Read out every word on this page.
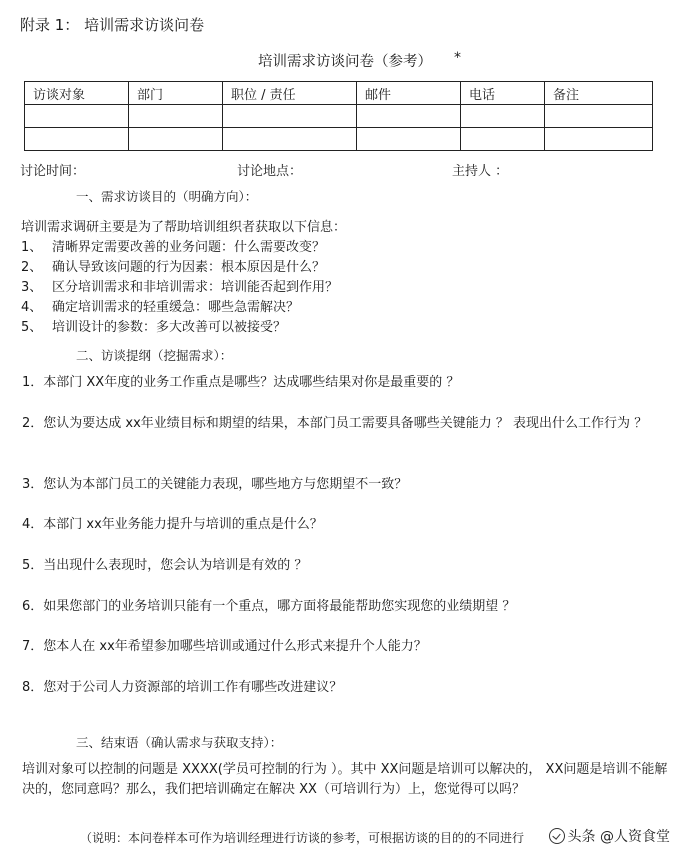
附录 1： 培训需求访谈问卷
培训需求访谈问卷（参考）	*
访谈对象	部门	职位 / 责任	邮件	电话	备注

讨论时间：	讨论地点：	主持人 ：
一、需求访谈目的（明确方向）：
培训需求调研主要是为了帮助培训组织者获取以下信息：
1、 清晰界定需要改善的业务问题：什么需要改变？
2、 确认导致该问题的行为因素：根本原因是什么？
3、 区分培训需求和非培训需求：培训能否起到作用？
4、 确定培训需求的轻重缓急：哪些急需解决？
5、 培训设计的参数：多大改善可以被接受？
二、访谈提纲（挖掘需求）：
1．本部门 XX年度的业务工作重点是哪些？达成哪些结果对你是最重要的 ？
2．您认为要达成 xx年业绩目标和期望的结果，本部门员工需要具备哪些关键能力 ？ 表现出什么工作行为 ？
3．您认为本部门员工的关键能力表现，哪些地方与您期望不一致？
4．本部门 xx年业务能力提升与培训的重点是什么？
5．当出现什么表现时，您会认为培训是有效的 ？
6．如果您部门的业务培训只能有一个重点，哪方面将最能帮助您实现您的业绩期望 ？
7．您本人在 xx年希望参加哪些培训或通过什么形式来提升个人能力？
8．您对于公司人力资源部的培训工作有哪些改进建议？
三、结束语（确认需求与获取支持）：
培训对象可以控制的问题是 XXXX(学员可控制的行为 ）。其中 XX问题是培训可以解决的， XX问题是培训不能解决的，您同意吗？那么，我们把培训确定在解决 XX（可培训行为）上，您觉得可以吗？
（说明：本问卷样本可作为培训经理进行访谈的参考，可根据访谈的目的的不同进行	头条 @人资食堂
